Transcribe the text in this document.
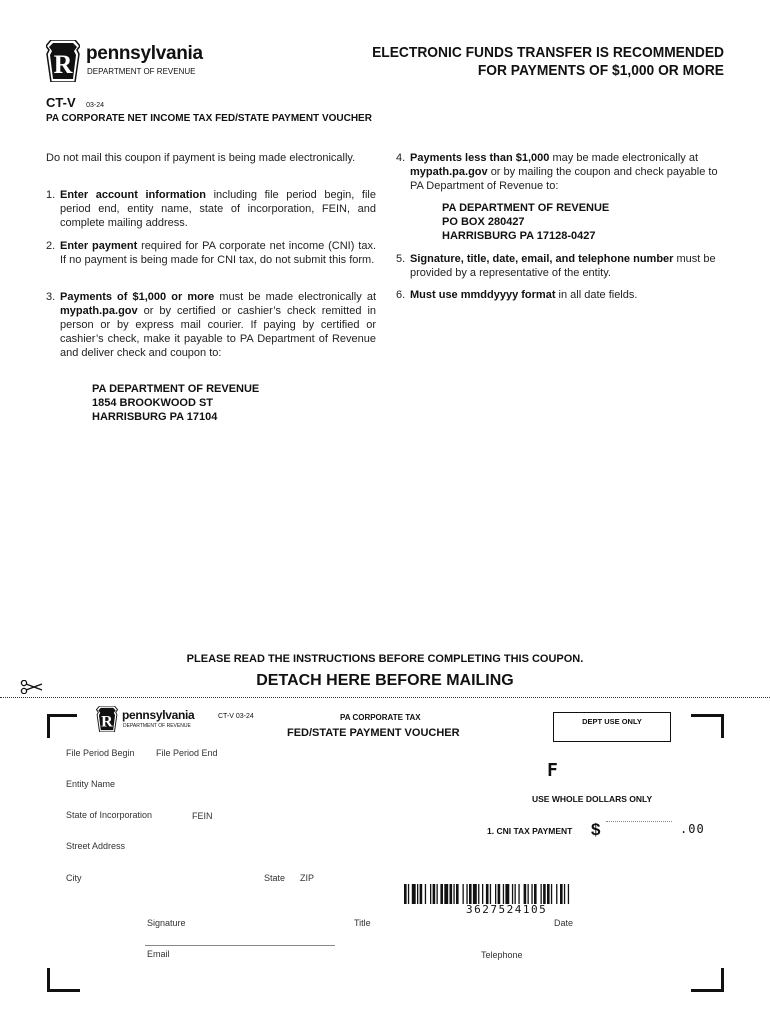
R pennsylvania
DEPARTMENT OF REVENUE
ELECTRONIC FUNDS TRANSFER IS RECOMMENDED
FOR PAYMENTS OF $1,000 OR MORE
CT-V 03-24
PA CORPORATE NET INCOME TAX FED/STATE PAYMENT VOUCHER
Do not mail this coupon if payment is being made electronically.
1. Enter account information including file period begin, file period end, entity name, state of incorporation, FEIN, and complete mailing address.
2. Enter payment required for PA corporate net income (CNI) tax. If no payment is being made for CNI tax, do not submit this form.
3. Payments of $1,000 or more must be made electronically at mypath.pa.gov or by certified or cashier’s check remitted in person or by express mail courier. If paying by certified or cashier’s check, make it payable to PA Department of Revenue and deliver check and coupon to:
PA DEPARTMENT OF REVENUE
1854 BROOKWOOD ST
HARRISBURG PA 17104
4. Payments less than $1,000 may be made electronically at mypath.pa.gov or by mailing the coupon and check payable to PA Department of Revenue to:
PA DEPARTMENT OF REVENUE
PO BOX 280427
HARRISBURG PA 17128-0427
5. Signature, title, date, email, and telephone number must be provided by a representative of the entity.
6. Must use mmddyyyy format in all date fields.
PLEASE READ THE INSTRUCTIONS BEFORE COMPLETING THIS COUPON.
DETACH HERE BEFORE MAILING
R pennsylvania
DEPARTMENT OF REVENUE
CT-V 03-24	PA CORPORATE TAX
FED/STATE PAYMENT VOUCHER
DEPT USE ONLY
File Period Begin File Period End
Entity Name
State of Incorporation	FEIN
Street Address
City	State ZIP
F
USE WHOLE DOLLARS ONLY
1. CNI TAX PAYMENT $	.00
3627524105
Signature	Title	Date
Email	Telephone
